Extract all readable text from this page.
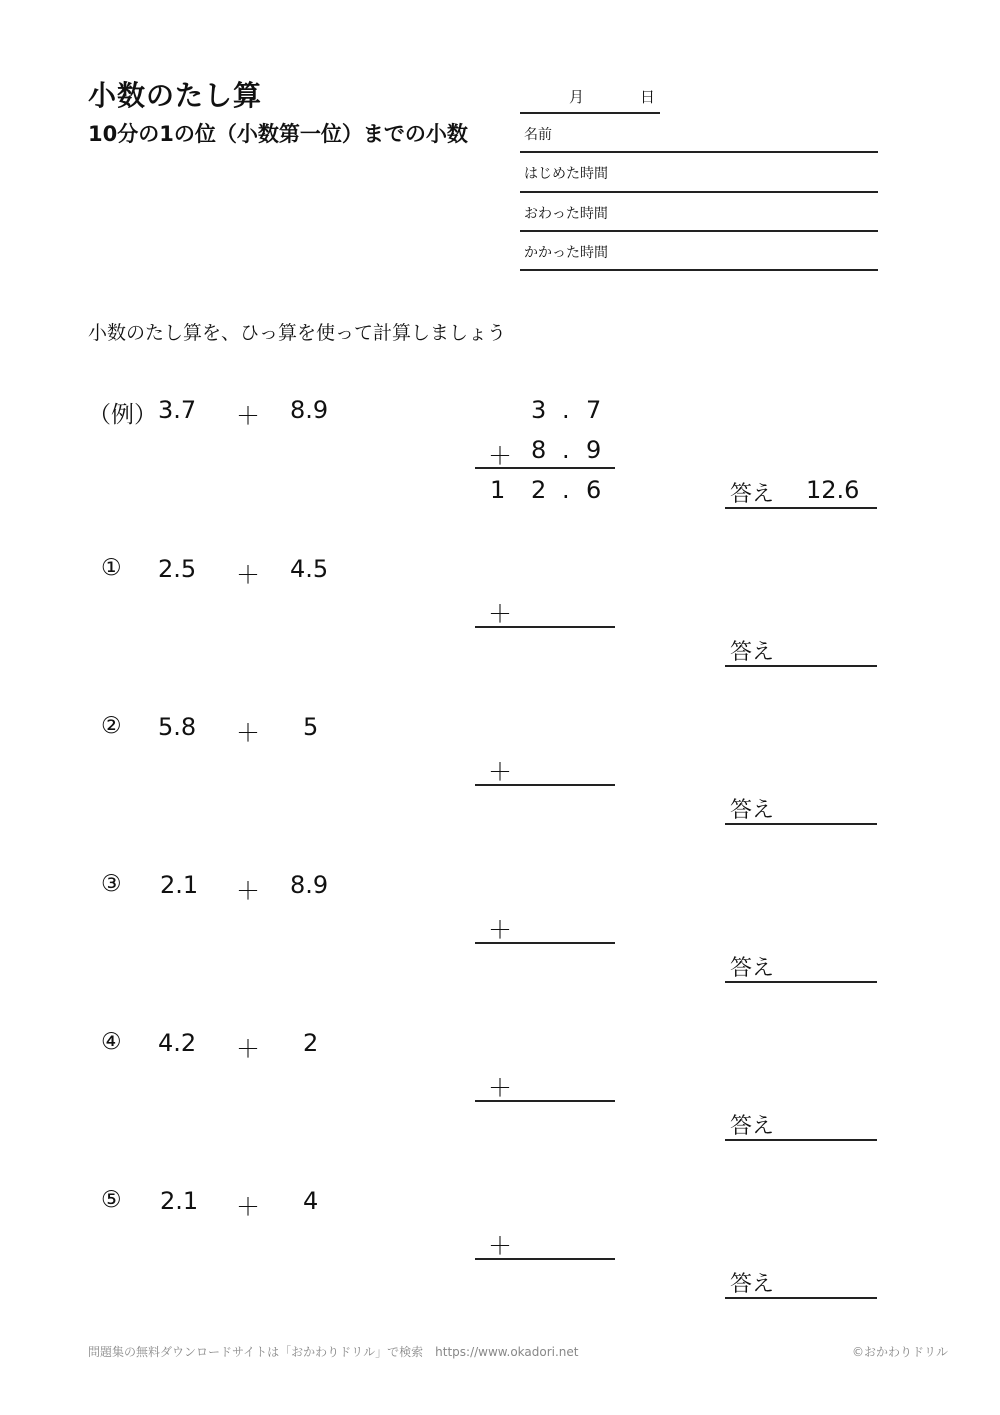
小数のたし算
10分の1の位（小数第一位）までの小数
月	日
名前
はじめた時間
おわった時間
かかった時間
小数のたし算を、ひっ算を使って計算しましょう
（例） 3.7 ＋ 8.9	3 . 7
＋ 8 . 9
1 2 . 6	答え 12.6
① 2.5 ＋ 4.5
＋
答え
② 5.8 ＋ 5
＋
答え
③ 2.1 ＋ 8.9
＋
答え
④ 4.2 ＋ 2
＋
答え
⑤ 2.1 ＋ 4
＋
答え
問題集の無料ダウンロードサイトは「おかわりドリル」で検索　https://www.okadori.net	©おかわりドリル
